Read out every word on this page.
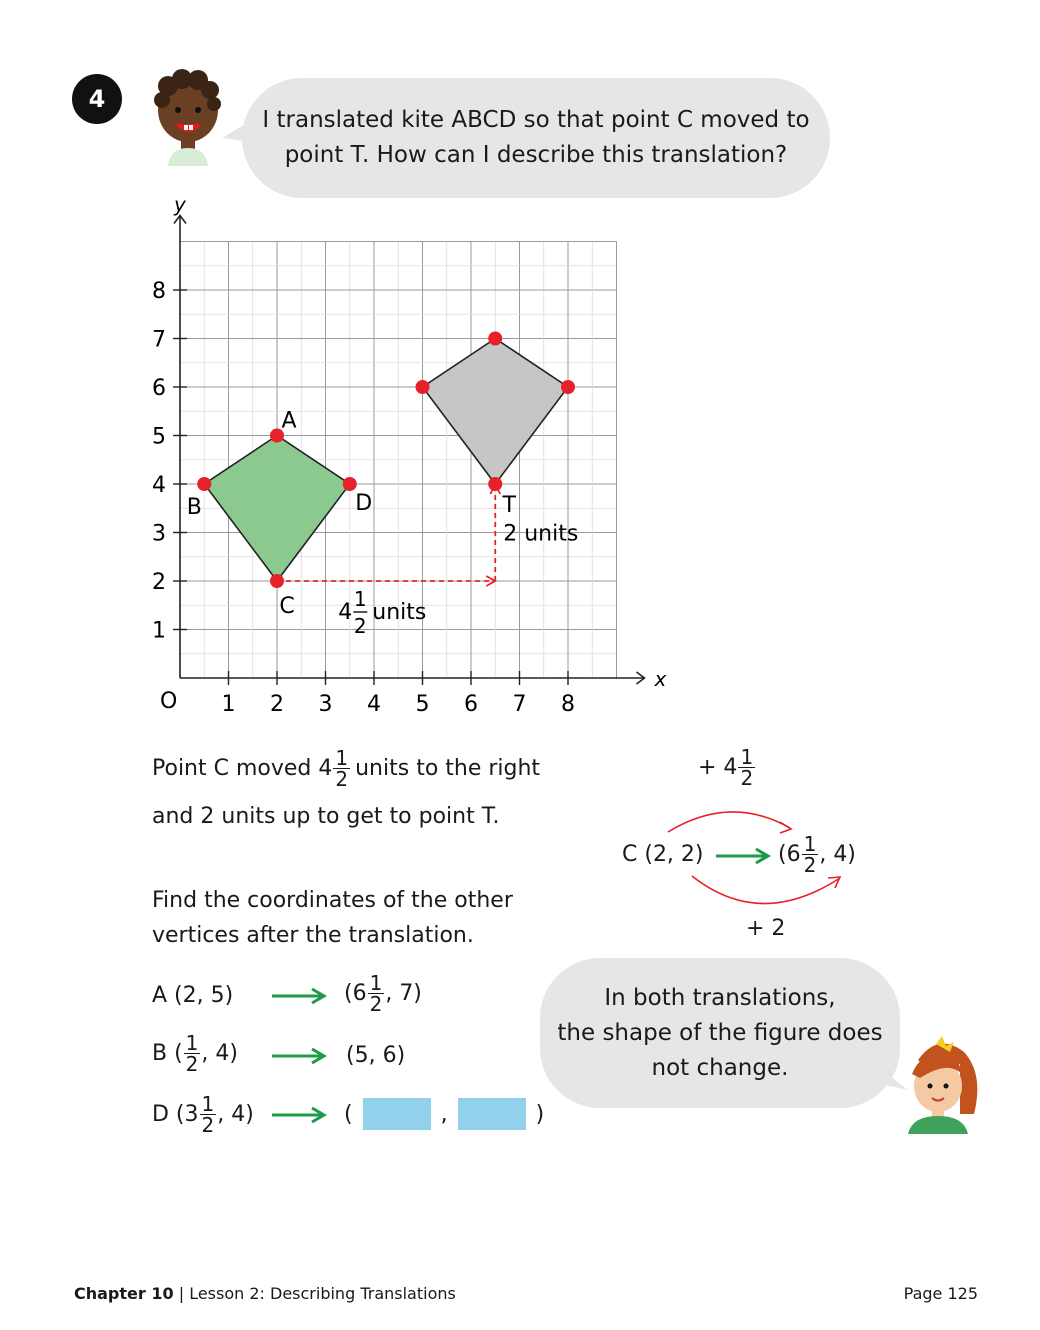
4
I translated kite ABCD so that point C moved to
point T. How can I describe this translation?
x
y
O 1 2 3 4 5 6 7 8
1
2
3
4
5
6
7
8
A
B
C
D	T
4
1
2
units
2 units
Point C moved $4 \frac{1}{2}$ units to the right
and 2 units up to get to point T.
+ $4 \frac{1}{2}$
C (2, 2)	($6 \frac{1}{2}$ , 4)
+ 2
Find the coordinates of the other
vertices after the translation.
A (2, 5)	($6 \frac{1}{2}$ , 7)
B ( $\frac{1}{2}$ , 4)	(5, 6)
D ($3 \frac{1}{2}$ , 4)	(	,	)
In both translations,
the shape of the figure does
not change.
Chapter 10 | Lesson 2: Describing Translations	Page 125
